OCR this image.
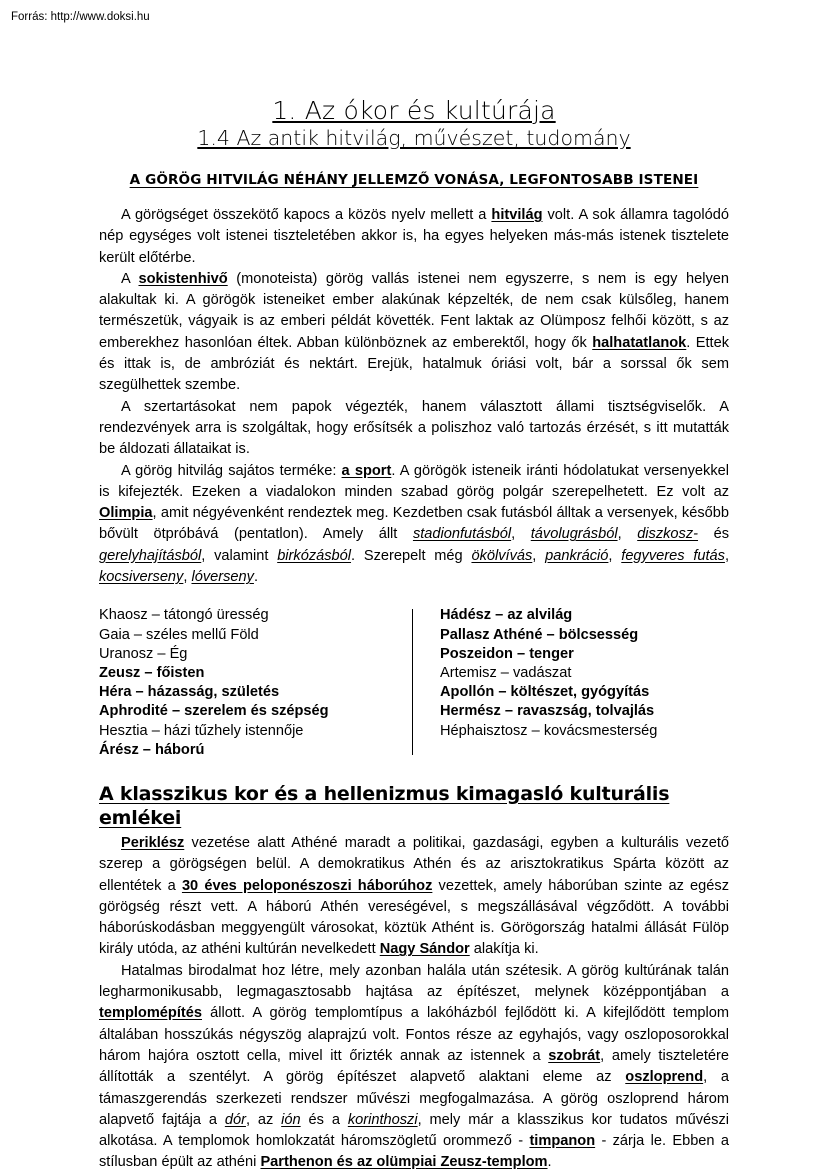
Forrás: http://www.doksi.hu
1. Az ókor és kultúrája
1.4 Az antik hitvilág, művészet, tudomány
A GÖRÖG HITVILÁG NÉHÁNY JELLEMZŐ VONÁSA, LEGFONTOSABB ISTENEI

A görögséget összekötő kapocs a közös nyelv mellett a hitvilág volt. A sok államra tagolódó nép egységes volt istenei tiszteletében akkor is, ha egyes helyeken más-más istenek tisztelete került előtérbe.

A sokistenhivő (monoteista) görög vallás istenei nem egyszerre, s nem is egy helyen alakultak ki. A görögök isteneiket ember alakúnak képzelték, de nem csak külsőleg, hanem természetük, vágyaik is az emberi példát követték. Fent laktak az Olümposz felhői között, s az emberekhez hasonlóan éltek. Abban különböznek az emberektől, hogy ők halhatatlanok. Ettek és ittak is, de ambróziát és nektárt. Erejük, hatalmuk óriási volt, bár a sorssal ők sem szegülhettek szembe.

A szertartásokat nem papok végezték, hanem választott állami tisztségviselők. A rendezvények arra is szolgáltak, hogy erősítsék a poliszhoz való tartozás érzését, s itt mutatták be áldozati állataikat is.

A görög hitvilág sajátos terméke: a sport. A görögök isteneik iránti hódolatukat versenyekkel is kifejezték. Ezeken a viadalokon minden szabad görög polgár szerepelhetett. Ez volt az Olimpia, amit négyévenként rendeztek meg. Kezdetben csak futásból álltak a versenyek, később bővült ötpróbává (pentatlon). Amely állt stadionfutásból, távolugrásból, diszkosz- és gerelyhajításból, valamint birkózásból. Szerepelt még ökölvívás, pankráció, fegyveres futás, kocsiverseny, lóverseny.

Khaosz – tátongó üresség
Gaia – széles mellű Föld
Uranosz – Ég
Zeusz – főisten
Héra – házasság, születés
Aphrodité – szerelem és szépség
Hesztia – házi tűzhely istennője
Árész – háború
Hádész – az alvilág
Pallasz Athéné – bölcsesség
Poszeidon – tenger
Artemisz – vadászat
Apollón – költészet, gyógyítás
Hermész – ravaszság, tolvajlás
Héphaisztosz – kovácsmesterség
A klasszikus kor és a hellenizmus kimagasló kulturális emlékei

Periklész vezetése alatt Athéné maradt a politikai, gazdasági, egyben a kulturális vezető szerep a görögségen belül. A demokratikus Athén és az arisztokratikus Spárta között az ellentétek a 30 éves peloponészoszi háborúhoz vezettek, amely háborúban szinte az egész görögség részt vett. A háború Athén vereségével, s megszállásával végződött. A további háborúskodásban meggyengült városokat, köztük Athént is. Görögország hatalmi állását Fülöp király utóda, az athéni kultúrán nevelkedett Nagy Sándor alakítja ki.

Hatalmas birodalmat hoz létre, mely azonban halála után szétesik. A görög kultúrának talán legharmonikusabb, legmagasztosabb hajtása az építészet, melynek középpontjában a templomépítés állott. A görög templomtípus a lakóházból fejlődött ki. A kifejlődött templom általában hosszúkás négyszög alaprajzú volt. Fontos része az egyhajós, vagy oszloposorokkal három hajóra osztott cella, mivel itt őrizték annak az istennek a szobrát, amely tiszteletére állították a szentélyt. A görög építészet alapvető alaktani eleme az oszloprend, a támaszgerendás szerkezeti rendszer művészi megfogalmazása. A görög oszloprend három alapvető fajtája a dór, az ión és a korinthoszi, mely már a klasszikus kor tudatos művészi alkotása. A templomok homlokzatát háromszögletű orommező - timpanon - zárja le. Ebben a stílusban épült az athéni Parthenon és az olümpiai Zeusz-templom.
